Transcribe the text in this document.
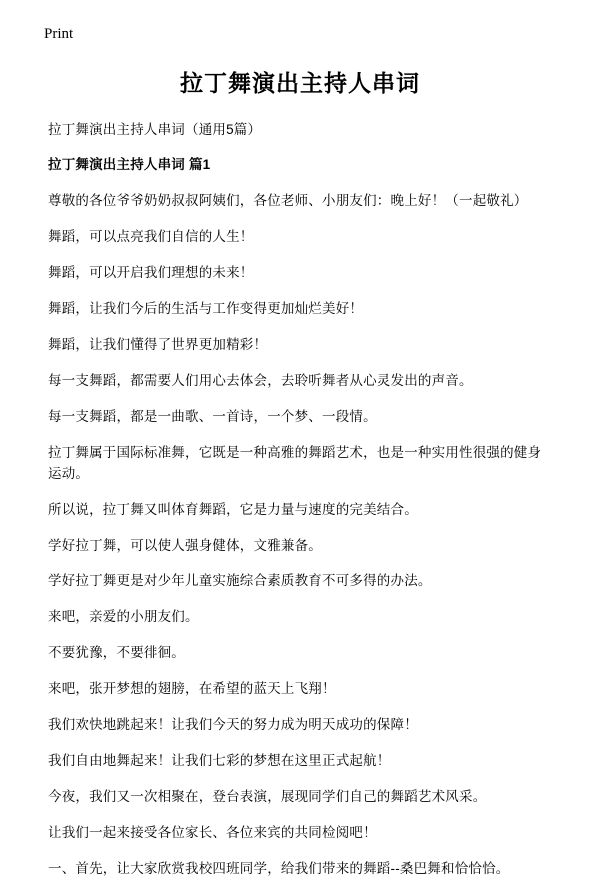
Print
拉丁舞演出主持人串词

拉丁舞演出主持人串词（通用5篇）

拉丁舞演出主持人串词 篇1

尊敬的各位爷爷奶奶叔叔阿姨们，各位老师、小朋友们：晚上好！（一起敬礼）

舞蹈，可以点亮我们自信的人生！

舞蹈，可以开启我们理想的未来！

舞蹈，让我们今后的生活与工作变得更加灿烂美好！

舞蹈，让我们懂得了世界更加精彩！

每一支舞蹈，都需要人们用心去体会，去聆听舞者从心灵发出的声音。

每一支舞蹈，都是一曲歌、一首诗，一个梦、一段情。

拉丁舞属于国际标准舞，它既是一种高雅的舞蹈艺术，也是一种实用性很强的健身运动。

所以说，拉丁舞又叫体育舞蹈，它是力量与速度的完美结合。

学好拉丁舞，可以使人强身健体，文雅兼备。

学好拉丁舞更是对少年儿童实施综合素质教育不可多得的办法。

来吧，亲爱的小朋友们。

不要犹豫，不要徘徊。

来吧，张开梦想的翅膀，在希望的蓝天上飞翔！

我们欢快地跳起来！让我们今天的努力成为明天成功的保障！

我们自由地舞起来！让我们七彩的梦想在这里正式起航！

今夜，我们又一次相聚在，登台表演，展现同学们自己的舞蹈艺术风采。

让我们一起来接受各位家长、各位来宾的共同检阅吧！

一、首先，让大家欣赏我校四班同学，给我们带来的舞蹈--桑巴舞和恰恰恰。
